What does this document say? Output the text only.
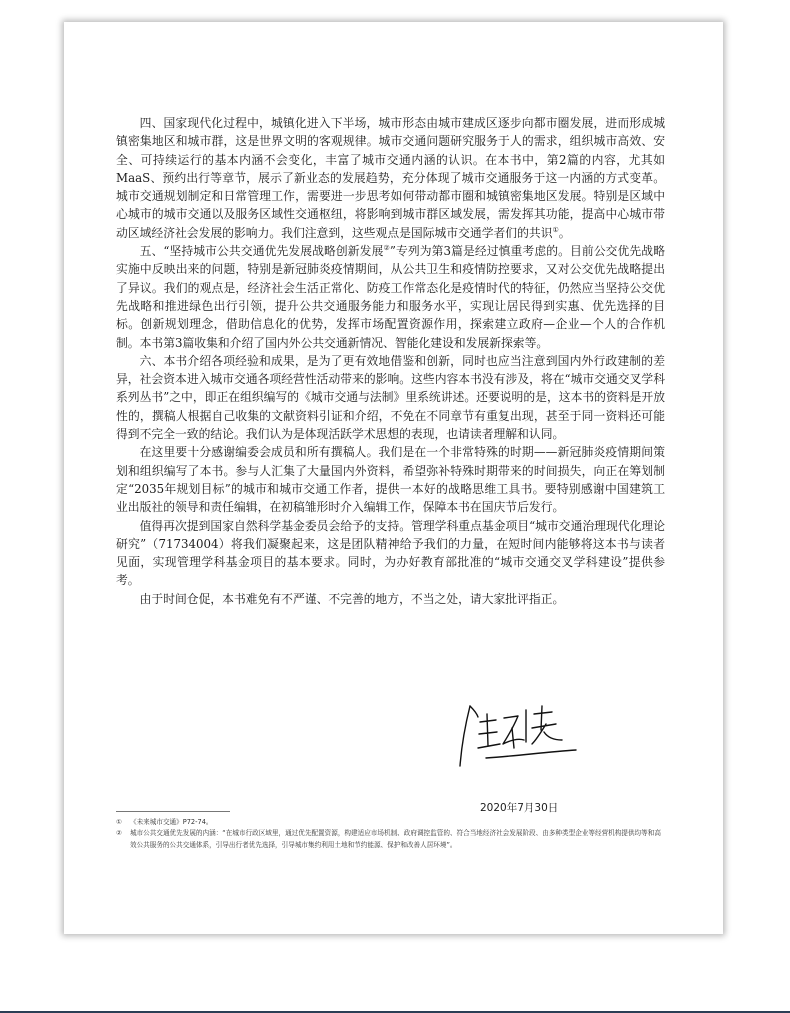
四、国家现代化过程中，城镇化进入下半场，城市形态由城市建成区逐步向都市圈发展，进而形成城镇密集地区和城市群，这是世界文明的客观规律。城市交通问题研究服务于人的需求，组织城市高效、安全、可持续运行的基本内涵不会变化，丰富了城市交通内涵的认识。在本书中，第2篇的内容，尤其如MaaS、预约出行等章节，展示了新业态的发展趋势，充分体现了城市交通服务于这一内涵的方式变革。城市交通规划制定和日常管理工作，需要进一步思考如何带动都市圈和城镇密集地区发展。特别是区域中心城市的城市交通以及服务区域性交通枢纽，将影响到城市群区域发展，需发挥其功能，提高中心城市带动区域经济社会发展的影响力。我们注意到，这些观点是国际城市交通学者们的共识①。

五、“坚持城市公共交通优先发展战略创新发展②”专列为第3篇是经过慎重考虑的。目前公交优先战略实施中反映出来的问题，特别是新冠肺炎疫情期间，从公共卫生和疫情防控要求，又对公交优先战略提出了异议。我们的观点是，经济社会生活正常化、防疫工作常态化是疫情时代的特征，仍然应当坚持公交优先战略和推进绿色出行引领，提升公共交通服务能力和服务水平，实现让居民得到实惠、优先选择的目标。创新规划理念，借助信息化的优势，发挥市场配置资源作用，探索建立政府—企业—个人的合作机制。本书第3篇收集和介绍了国内外公共交通新情况、智能化建设和发展新探索等。

六、本书介绍各项经验和成果，是为了更有效地借鉴和创新，同时也应当注意到国内外行政建制的差异，社会资本进入城市交通各项经营性活动带来的影响。这些内容本书没有涉及，将在“城市交通交叉学科系列丛书”之中，即正在组织编写的《城市交通与法制》里系统讲述。还要说明的是，这本书的资料是开放性的，撰稿人根据自己收集的文献资料引证和介绍，不免在不同章节有重复出现，甚至于同一资料还可能得到不完全一致的结论。我们认为是体现活跃学术思想的表现，也请读者理解和认同。

在这里要十分感谢编委会成员和所有撰稿人。我们是在一个非常特殊的时期——新冠肺炎疫情期间策划和组织编写了本书。参与人汇集了大量国内外资料，希望弥补特殊时期带来的时间损失，向正在筹划制定“2035年规划目标”的城市和城市交通工作者，提供一本好的战略思维工具书。要特别感谢中国建筑工业出版社的领导和责任编辑，在初稿雏形时介入编辑工作，保障本书在国庆节后发行。

值得再次提到国家自然科学基金委员会给予的支持。管理学科重点基金项目“城市交通治理现代化理论研究”（71734004）将我们凝聚起来，这是团队精神给予我们的力量，在短时间内能够将这本书与读者见面，实现管理学科基金项目的基本要求。同时，为办好教育部批准的“城市交通交叉学科建设”提供参考。

由于时间仓促，本书难免有不严谨、不完善的地方，不当之处，请大家批评指正。

2020年7月30日
①	《未来城市交通》P72-74。
②	城市公共交通优先发展的内涵：“在城市行政区域里，通过优先配置资源，构建适应市场机制、政府调控监管的、符合当地经济社会发展阶段、由多种类型企业等经营机构提供均等和高效公共服务的公共交通体系，引导出行者优先选择，引导城市集约利用土地和节约能源、保护和改善人居环境”。
